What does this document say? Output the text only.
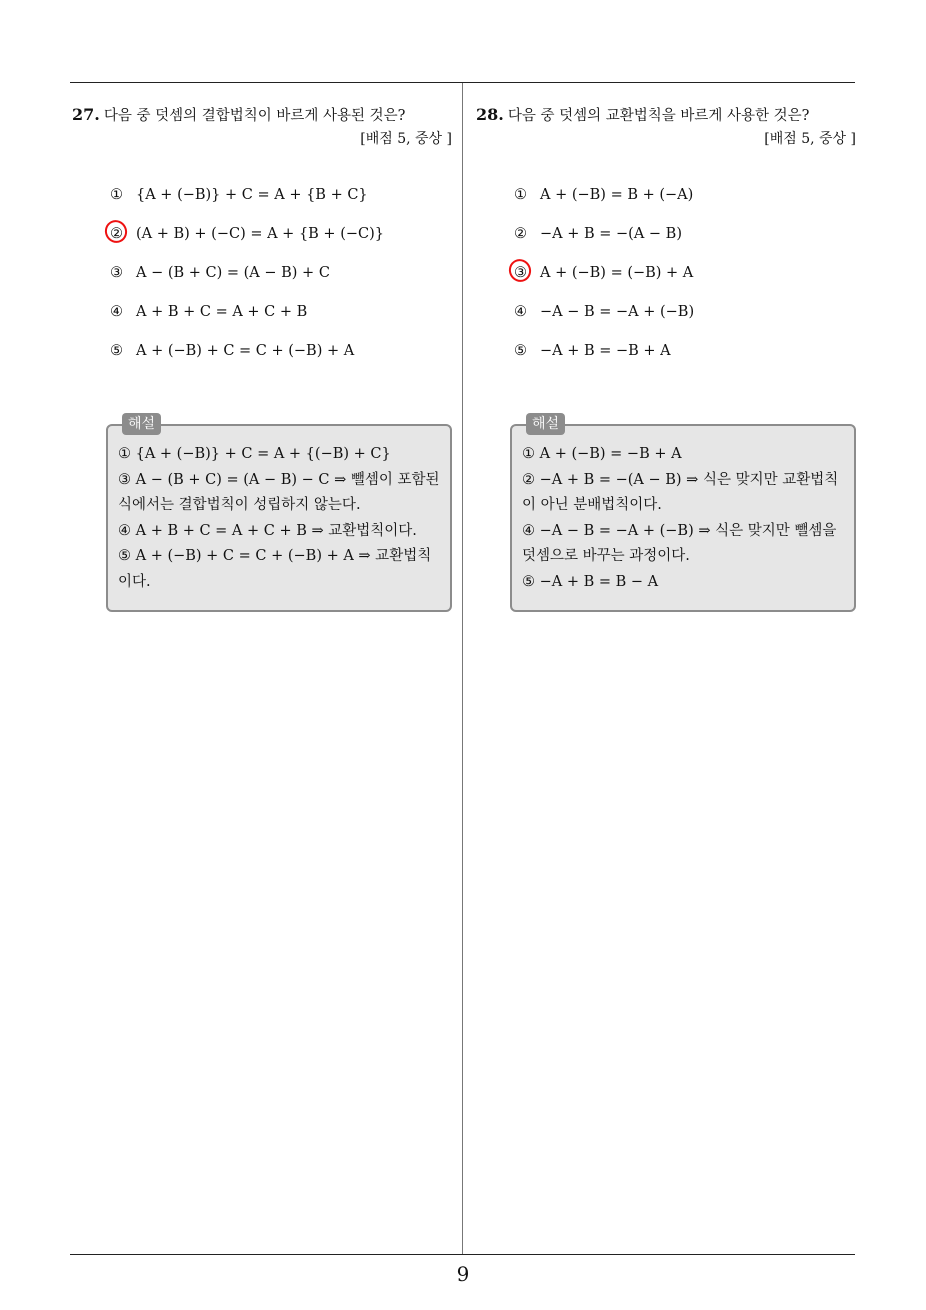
27. 다음 중 덧셈의 결합법칙이 바르게 사용된 것은?
[배점 5, 중상 ]
① {A + (−B)} + C = A + {B + C}
② (A + B) + (−C) = A + {B + (−C)}
③ A − (B + C) = (A − B) + C
④ A + B + C = A + C + B
⑤ A + (−B) + C = C + (−B) + A
해설
① {A + (−B)} + C = A + {(−B) + C}
③ A − (B + C) = (A − B) − C ⇒ 뺄셈이 포함된
식에서는 결합법칙이 성립하지 않는다.
④ A + B + C = A + C + B ⇒ 교환법칙이다.
⑤ A + (−B) + C = C + (−B) + A ⇒ 교환법칙
이다.
28. 다음 중 덧셈의 교환법칙을 바르게 사용한 것은?
[배점 5, 중상 ]
① A + (−B) = B + (−A)
② −A + B = −(A − B)
③ A + (−B) = (−B) + A
④ −A − B = −A + (−B)
⑤ −A + B = −B + A
해설
① A + (−B) = −B + A
② −A + B = −(A − B) ⇒ 식은 맞지만 교환법칙
이 아닌 분배법칙이다.
④ −A − B = −A + (−B) ⇒ 식은 맞지만 뺄셈을
덧셈으로 바꾸는 과정이다.
⑤ −A + B = B − A
9
